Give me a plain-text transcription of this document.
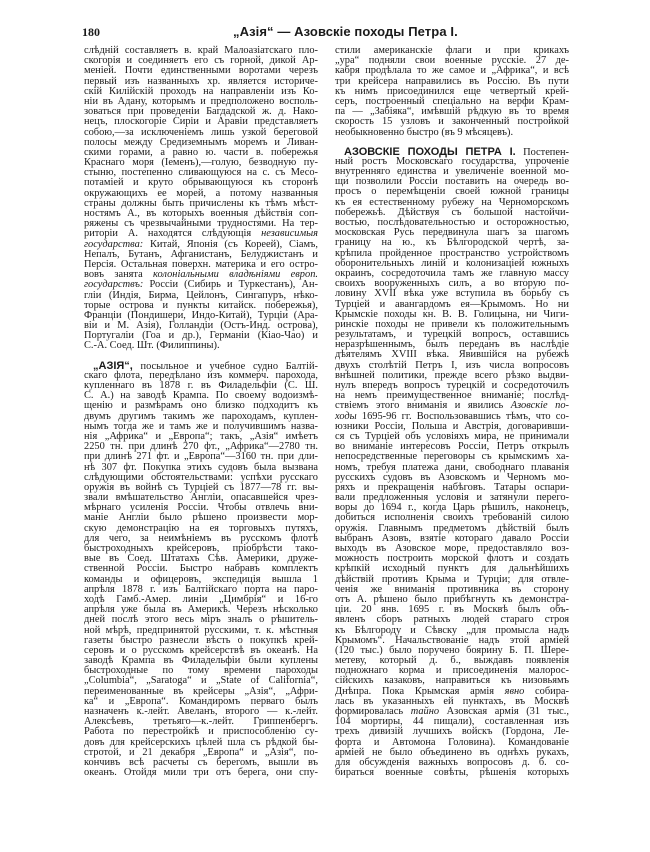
180	„Азія“ — Азовскіе походы Петра I.
слѣдній составляетъ в. край Малоазіатскаго пло-
скогорія и соединяетъ его съ горной, дикой Ар-
меніей. Почти единственными воротами черезъ
первый изъ названныхъ хр. является историче-
скій Килійскій проходъ на направленіи изъ Ко-
ніи въ Адану, которымъ и предположено восполь-
зоваться при проведеніи Багдадской ж. д. Нако-
нецъ, плоскогоріе Сиріи и Аравіи представляетъ
собою,—за исключеніемъ лишь узкой береговой
полосы между Средиземнымъ моремъ и Ливан-
скими горами, а равно ю. части в. побережья
Краснаго моря (Іеменъ),—голую, безводную пу-
стыню, постепенно сливающуюся на с. съ Месо-
потаміей и круто обрывающуюся къ сторонѣ
окружающихъ ее морей, а потому названныя
страны должны быть причислены къ тѣмъ мѣст-
ностямъ А., въ которыхъ военныя дѣйствія соп-
ряжены съ чрезвычайными трудностями. На тер-
риторіи А. находятся слѣдующія независимыя
государства: Китай, Японія (съ Кореей), Сіамъ,
Непалъ, Бутанъ, Афганистанъ, Белуджистанъ и
Персія. Остальная поверхн. материка и его остро-
вовъ занята колоніальными владѣніями европ.
государствъ: Россіи (Сибирь и Туркестанъ), Ан-
гліи (Индія, Бирма, Цейлонъ, Сингапуръ, нѣко-
торые острова и пункты китайск. побережья),
Франціи (Пондишери, Индо-Китай), Турціи (Ара-
віи и М. Азія), Голландіи (Остъ-Инд. острова),
Португаліи (Гоа и др.), Германіи (Кіао-Чао) и
С.-А. Соед. Шт. (Филиппины).
„АЗІЯ“, посыльное и учебное судно Балтій-
скаго флота, передѣлано изъ коммерч. парохода,
купленнаго въ 1878 г. въ Филадельфіи (С. Ш.
С. А.) на заводѣ Крампа. По своему водоизмѣ-
щенію и размѣрамъ оно близко подходитъ къ
двумъ другимъ такимъ же пароходамъ, куплен-
нымъ тогда же и тамъ же и получившимъ назва-
нія „Африка“ и „Европа“; такъ, „Азія“ имѣетъ
2250 тн. при длинѣ 270 фт., „Африка“—2780 тн.
при длинѣ 271 фт. и „Европа“—3160 тн. при дли-
нѣ 307 фт. Покупка этихъ судовъ была вызвана
слѣдующими обстоятельствами: успѣхи русскаго
оружія въ войнѣ съ Турціей съ 1877—78 гг. вы-
звали вмѣшательство Англіи, опасавшейся чрез-
мѣрнаго усиленія Россіи. Чтобы отвлечь вни-
маніе Англіи было рѣшено произвести мор-
скую демонстрацію на ея торговыхъ путяхъ,
для чего, за неимѣніемъ въ русскомъ флотѣ
быстроходныхъ крейсеровъ, пріобрѣсти тако-
вые въ Соед. Штатахъ Сѣв. Америки, друже-
ственной Россіи. Быстро набравъ комплектъ
команды и офицеровъ, экспедиція вышла 1
апрѣля 1878 г. изъ Балтійскаго порта на паро-
ходѣ Гамб.-Амер. линіи „Цимбрія“ и 16-го
апрѣля уже была въ Америкѣ. Черезъ нѣсколько
дней послѣ этого весь міръ зналъ о рѣшитель-
ной мѣрѣ, предпринятой русскими, т. к. мѣстныя
газеты быстро разнесли вѣсть о покупкѣ крей-
серовъ и о русскомъ крейсерствѣ въ океанѣ. На
заводѣ Крампа въ Филадельфіи были куплены
быстроходные по тому времени пароходы
„Columbia“, „Saratoga“ и „State of California“,
переименованные въ крейсеры „Азія“, „Афри-
ка“ и „Европа“. Командиромъ перваго былъ
назначенъ к.-лейт. Авеланъ, второго — к.-лейт.
Алексѣевъ, третьяго—к.-лейт. Гриппенбергъ.
Работа по перестройкѣ и приспособленію су-
довъ для крейсерскихъ цѣлей шла съ рѣдкой бы-
стротой, и 21 декабря „Европа“ и „Азія“, по-
кончивъ всѣ расчеты съ берегомъ, вышли въ
океанъ. Отойдя мили три отъ берега, они спу-
стили американскіе флаги и при крикахъ
„ура“ подняли свои военные русскіе. 27 де-
кабря продѣлала то же самое и „Африка“, и всѣ
три крейсера направились въ Россію. Въ пути
къ нимъ присоединился еще четвертый крей-
серъ, построенный спеціально на верфи Крам-
па — „Забіяка“, имѣвшій рѣдкую въ то время
скорость 15 узловъ и законченный постройкой
необыкновенно быстро (въ 9 мѣсяцевъ).
АЗОВСКІЕ ПОХОДЫ ПЕТРА I. Постепен-
ный ростъ Московскаго государства, упроченіе
внутренняго единства и увеличеніе военной мо-
щи позволили Россіи поставить на очередь во-
просъ о перемѣщеніи своей южной границы
къ ея естественному рубежу на Черноморскомъ
побережьѣ. Дѣйствуя съ большой настойчи-
востью, послѣдовательностью и осторожностью,
московская Русь передвинула шагъ за шагомъ
границу на ю., къ Бѣлгородской чертѣ, за-
крѣпила пройденное пространство устройствомъ
оборонительныхъ линій и колонизаціей южныхъ
окраинъ, сосредоточила тамъ же главную массу
своихъ вооруженныхъ силъ, а во вторую по-
ловину XVII вѣка уже вступила въ борьбу съ
Турціей и авангардомъ ея—Крымомъ. Но ни
Крымскіе походы кн. В. В. Голицына, ни Чиги-
ринскіе походы не привели къ положительнымъ
результатамъ, и турецкій вопросъ, оставшись
неразрѣшеннымъ, былъ переданъ въ наслѣдіе
дѣятелямъ XVIII вѣка. Явившійся на рубежѣ
двухъ столѣтій Петръ I, изъ числа вопросовъ
внѣшней политики, прежде всего рѣзко выдви-
нулъ впередъ вопросъ турецкій и сосредоточилъ
на немъ преимущественное вниманіе; послѣд-
ствіемъ этого вниманія и явились Азовскіе по-
ходы 1695-96 гг. Воспользовавшись тѣмъ, что со-
юзники Россіи, Польша и Австрія, договаривши-
ся съ Турціей объ условіяхъ мира, не принимали
во вниманіе интересовъ Россіи, Петръ открылъ
непосредственные переговоры съ крымскимъ ха-
номъ, требуя платежа дани, свободнаго плаванія
русскихъ судовъ въ Азовскомъ и Черномъ мо-
ряхъ и прекращенія набѣговъ. Татары оспари-
вали предложенныя условія и затянули перего-
воры до 1694 г., когда Царь рѣшилъ, наконецъ,
добиться исполненія своихъ требованій силою
оружія. Главнымъ предметомъ дѣйствій былъ
выбранъ Азовъ, взятіе котораго давало Россіи
выходъ въ Азовское море, предоставляло воз-
можность построить морской флотъ и создать
крѣпкій исходный пунктъ для дальнѣйшихъ
дѣйствій противъ Крыма и Турціи; для отвле-
ченія же вниманія противника въ сторону
отъ А. рѣшено было прибѣгнуть къ демонстра-
ціи. 20 янв. 1695 г. въ Москвѣ былъ объ-
явленъ сборъ ратныхъ людей стараго строя
къ Бѣлгороду и Сѣвску „для промысла надъ
Крымомъ“. Начальствованіе надъ этой арміей
(120 тыс.) было поручено боярину Б. П. Шере-
метеву, который д. б., выждавъ появленія
подножнаго корма и присоединенія малорос-
сійскихъ казаковъ, направиться къ низовьямъ
Днѣпра. Пока Крымская армія явно собира-
лась въ указанныхъ ей пунктахъ, въ Москвѣ
формировалась тайно Азовская армія (31 тыс.,
104 мортиры, 44 пищали), составленная изъ
трехъ дивизій лучшихъ войскъ (Гордона, Ле-
форта и Автомона Головина). Командованіе
арміей не было объединено въ однѣхъ рукахъ,
для обсужденія важныхъ вопросовъ д. б. со-
бираться военные совѣты, рѣшенія которыхъ
